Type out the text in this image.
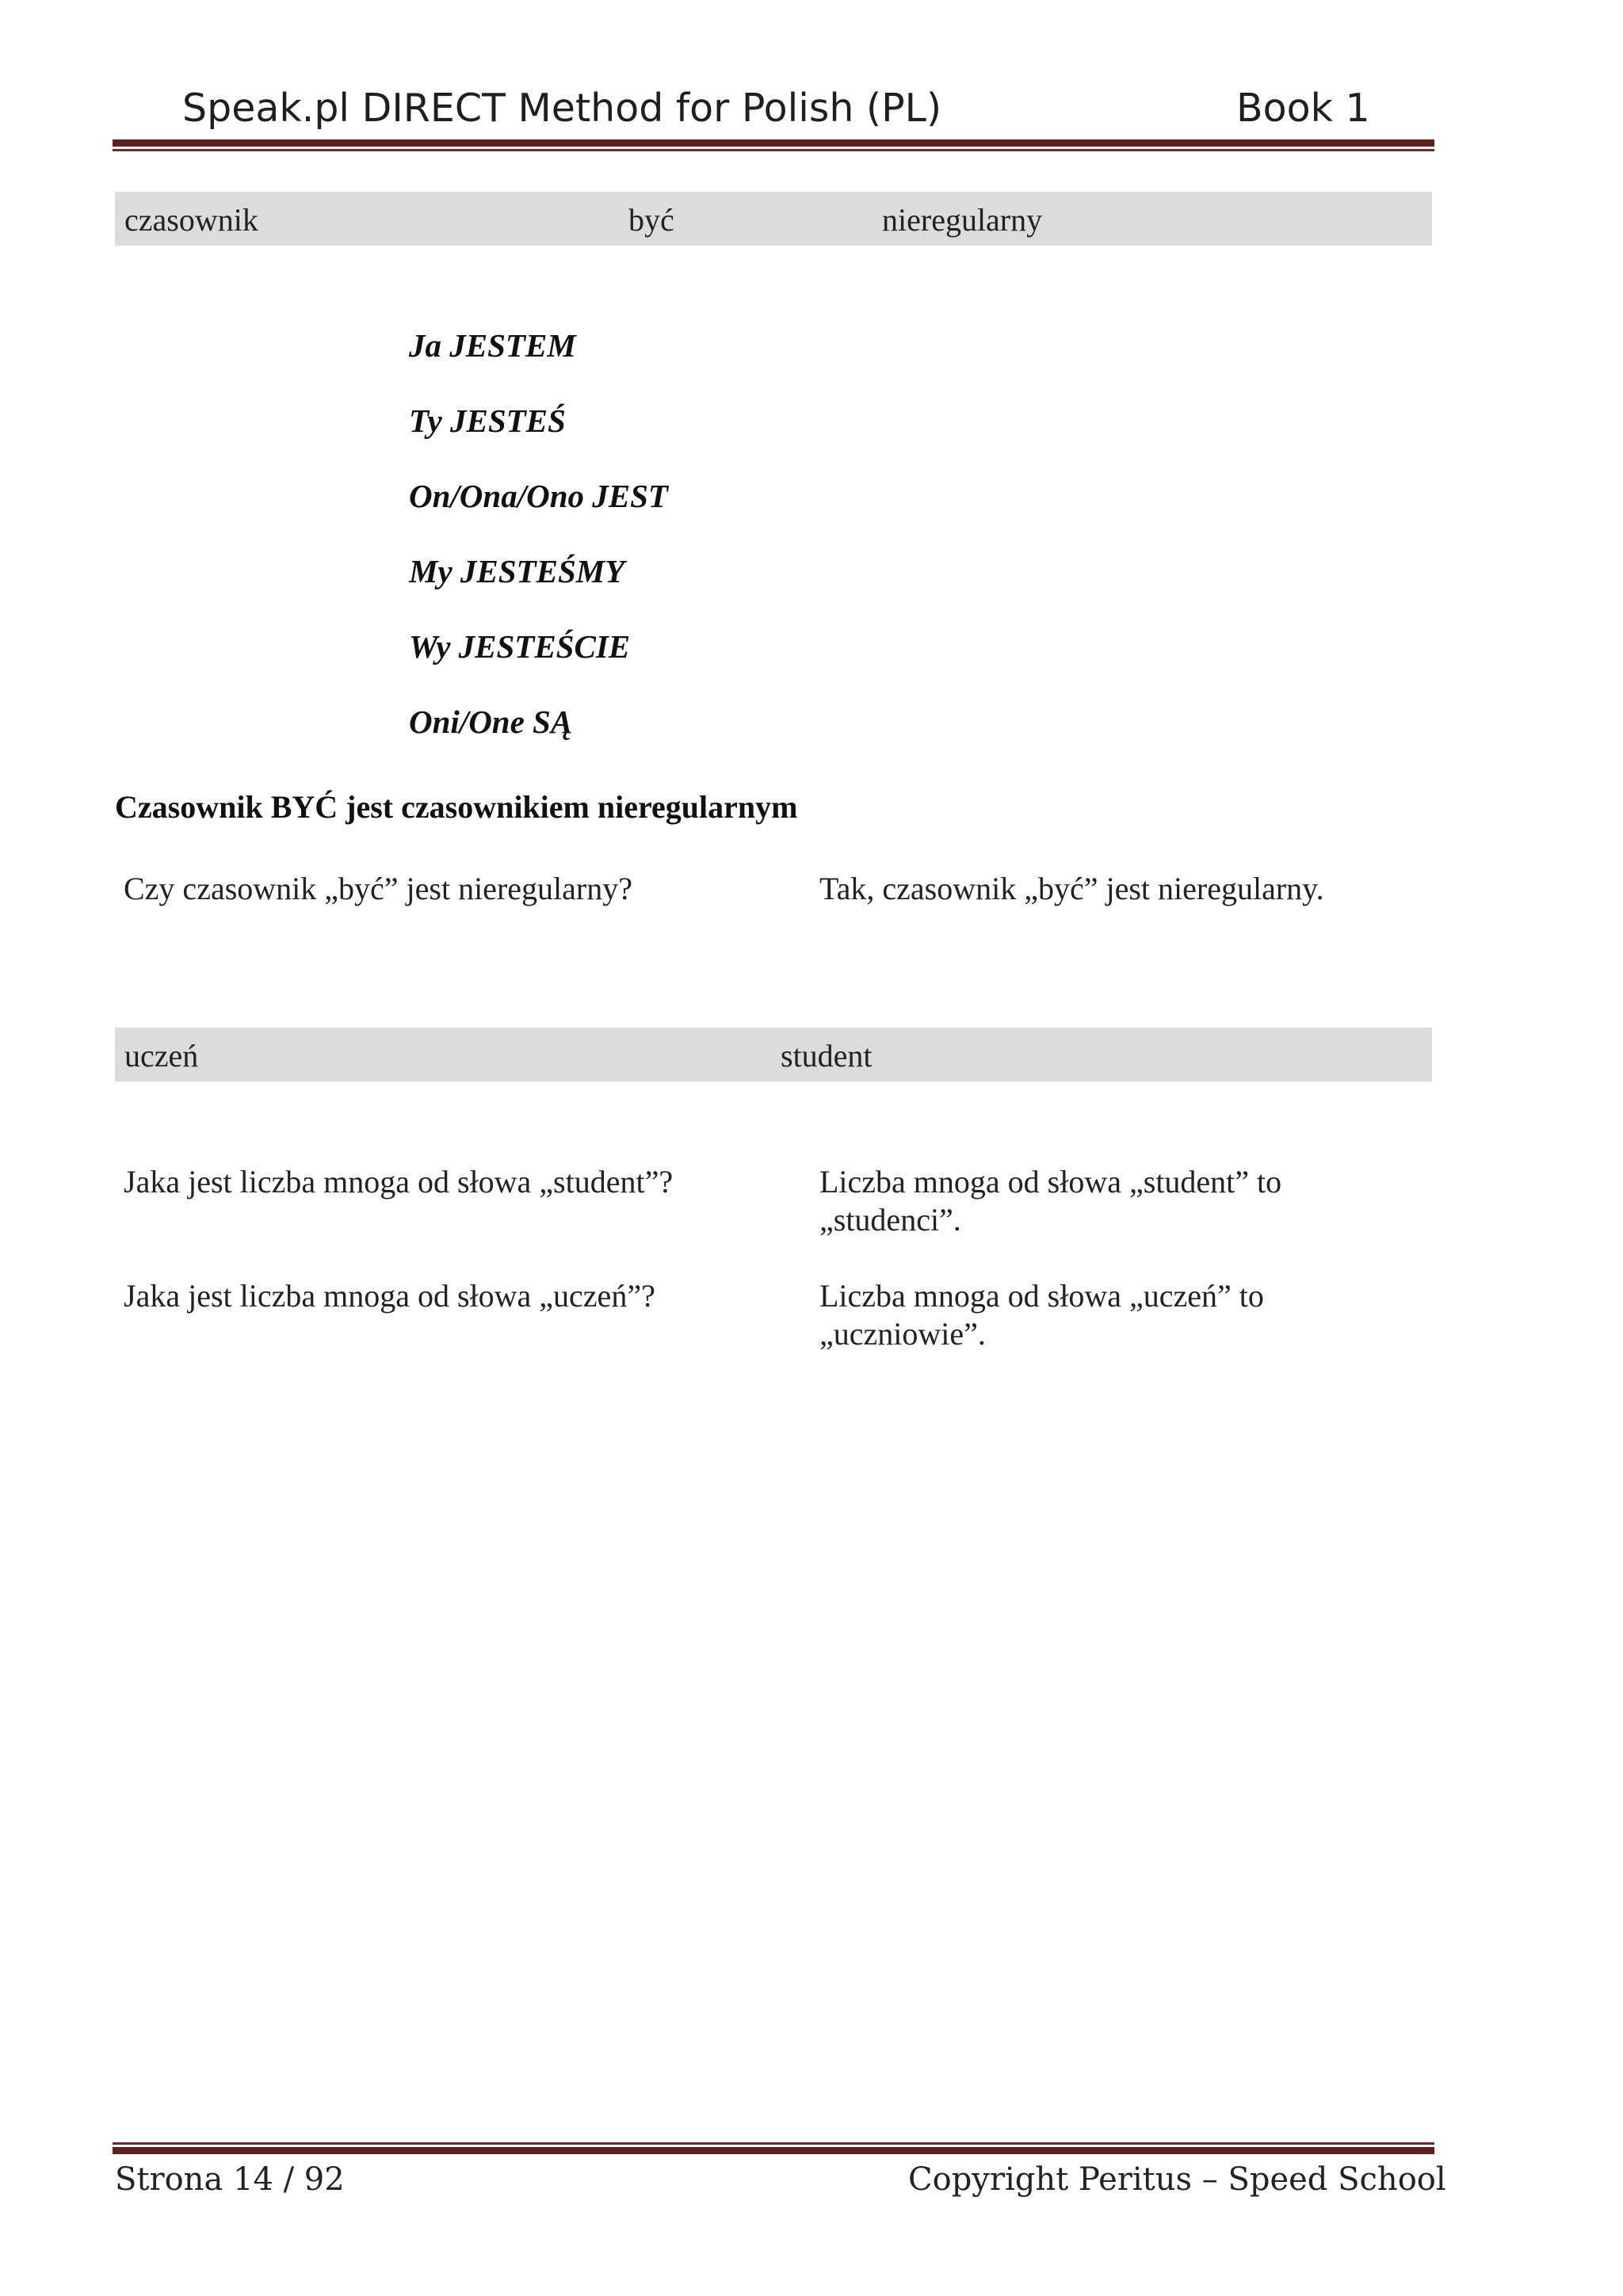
Speak.pl DIRECT Method for Polish (PL)	Book 1
czasownik	być	nieregularny
Ja JESTEM
Ty JESTEŚ
On/Ona/Ono JEST
My JESTEŚMY
Wy JESTEŚCIE
Oni/One SĄ
Czasownik BYĆ jest czasownikiem nieregularnym
Czy czasownik „być” jest nieregularny?	Tak, czasownik „być” jest nieregularny.
uczeń	student
Jaka jest liczba mnoga od słowa „student”?	Liczba mnoga od słowa „student” to
„studenci”.
Jaka jest liczba mnoga od słowa „uczeń”?	Liczba mnoga od słowa „uczeń” to
„uczniowie”.
Strona 14 / 92	Copyright Peritus – Speed School
